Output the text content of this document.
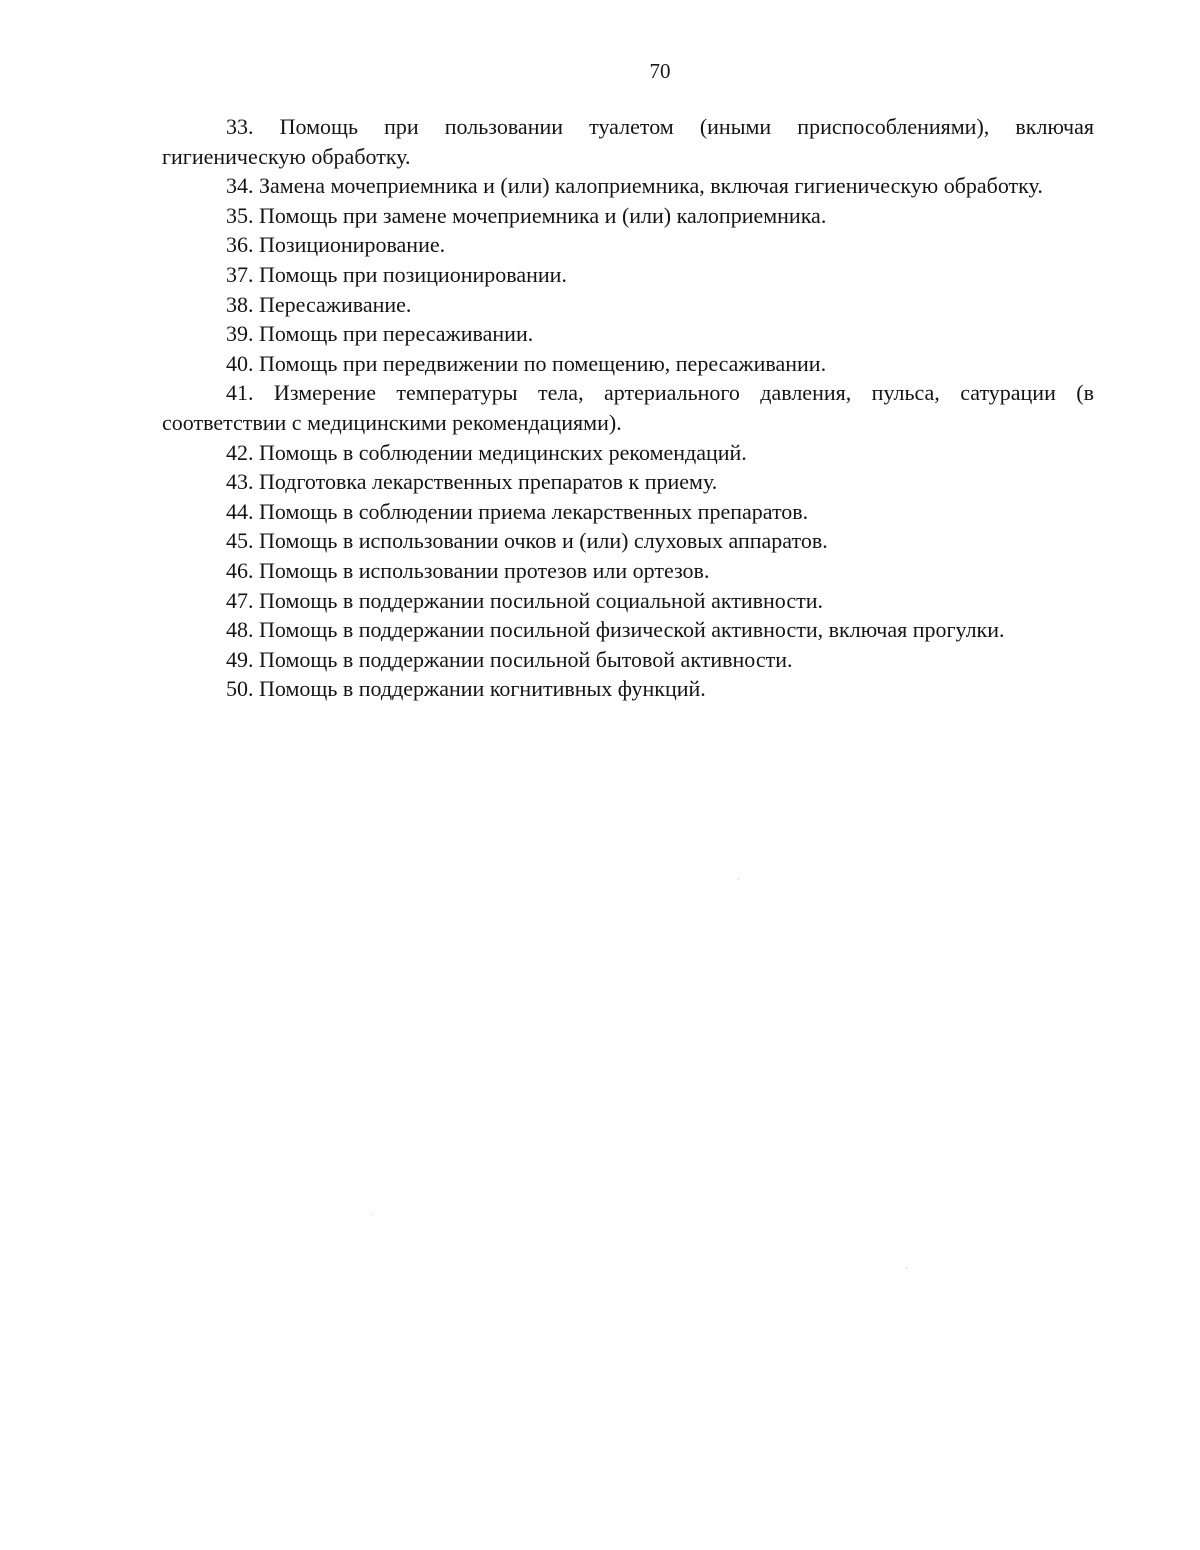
70

33. Помощь при пользовании туалетом (иными приспособлениями), включая гигиеническую обработку.

34. Замена мочеприемника и (или) калоприемника, включая гигиеническую обработку.

35. Помощь при замене мочеприемника и (или) калоприемника.

36. Позиционирование.

37. Помощь при позиционировании.

38. Пересаживание.

39. Помощь при пересаживании.

40. Помощь при передвижении по помещению, пересаживании.

41. Измерение температуры тела, артериального давления, пульса, сатурации (в соответствии с медицинскими рекомендациями).

42. Помощь в соблюдении медицинских рекомендаций.

43. Подготовка лекарственных препаратов к приему.

44. Помощь в соблюдении приема лекарственных препаратов.

45. Помощь в использовании очков и (или) слуховых аппаратов.

46. Помощь в использовании протезов или ортезов.

47. Помощь в поддержании посильной социальной активности.

48. Помощь в поддержании посильной физической активности, включая прогулки.

49. Помощь в поддержании посильной бытовой активности.

50. Помощь в поддержании когнитивных функций.
